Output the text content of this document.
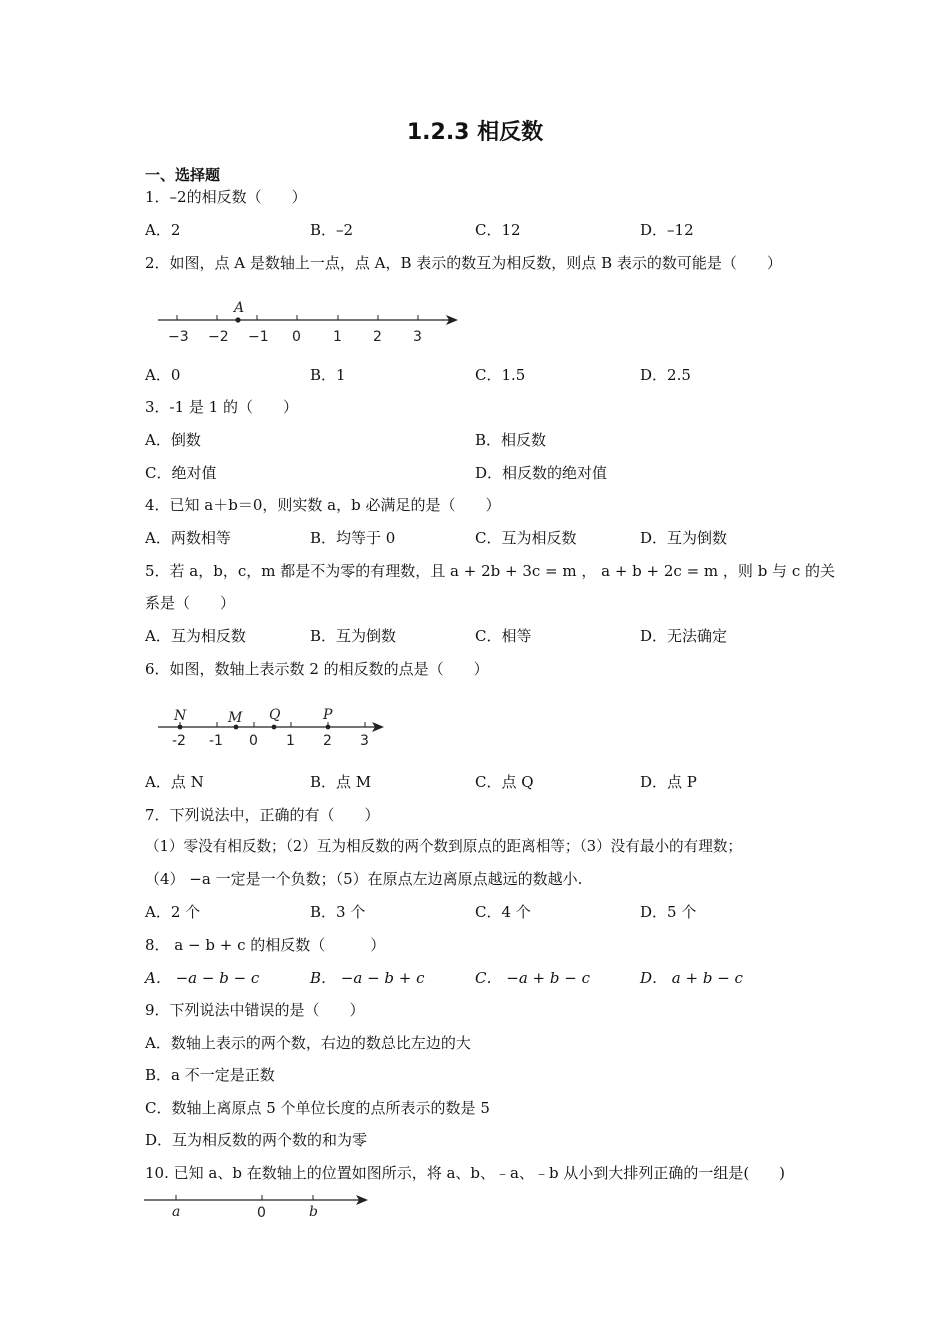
1.2.3 相反数
一、选择题
1．–2的相反数（　　）
A．2	B．–2	C．12	D．–12
2．如图，点 A 是数轴上一点，点 A，B 表示的数互为相反数，则点 B 表示的数可能是（　　）
A
−3 −2 −1 0 1 2 3
A．0	B．1	C．1.5	D．2.5
3．-1 是 1 的（　　）
A．倒数	B．相反数
C．绝对值	D．相反数的绝对值
4．已知 a＋b＝0，则实数 a，b 必满足的是（　　）
A．两数相等	B．均等于 0	C．互为相反数	D．互为倒数
5．若 a，b，c，m 都是不为零的有理数，且 a + 2b + 3c = m ， a + b + 2c = m ，则 b 与 c 的关
系是（　　）
A．互为相反数	B．互为倒数	C．相等	D．无法确定
6．如图，数轴上表示数 2 的相反数的点是（　　）
N	M Q	P
-2 -1 0 1 2 3
A．点 N	B．点 M	C．点 Q	D．点 P
7．下列说法中，正确的有（　　）
（1）零没有相反数；（2）互为相反数的两个数到原点的距离相等；（3）没有最小的有理数；
（4） −a 一定是一个负数；（5）在原点左边离原点越远的数越小.
A．2 个	B．3 个	C．4 个	D．5 个
8． a − b + c 的相反数（　　　）
A． −a − b − c	B． −a − b + c	C． −a + b − c	D． a + b − c
9．下列说法中错误的是（　　）
A．数轴上表示的两个数，右边的数总比左边的大
B．a 不一定是正数
C．数轴上离原点 5 个单位长度的点所表示的数是 5
D．互为相反数的两个数的和为零
10. 已知 a、b 在数轴上的位置如图所示，将 a、b、﹣a、﹣b 从小到大排列正确的一组是(　　)
a	0	b
